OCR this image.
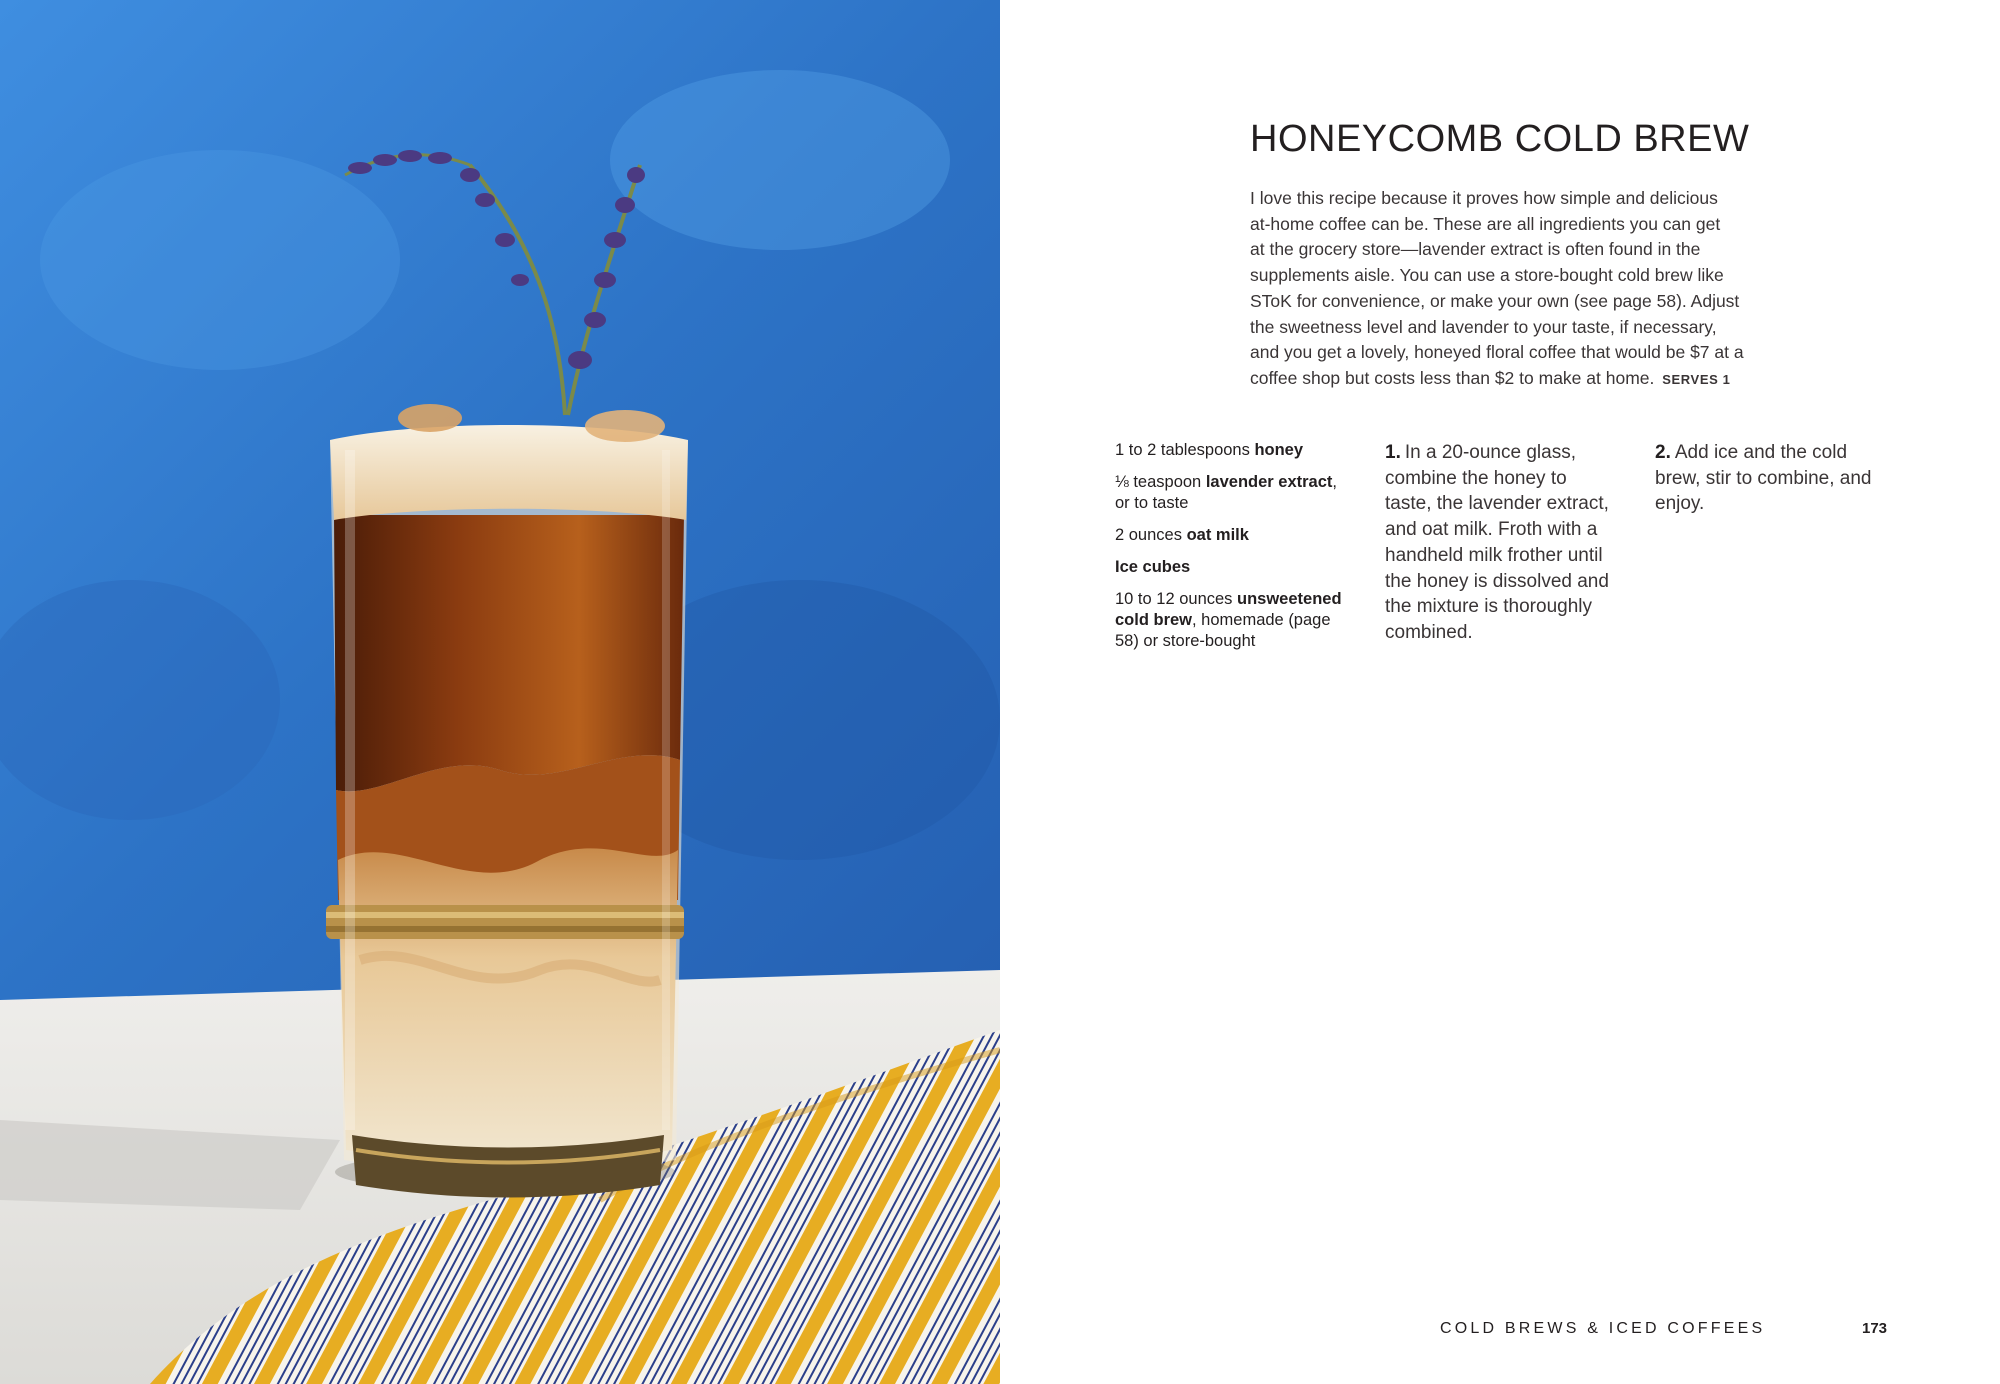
HONEYCOMB COLD BREW

I love this recipe because it proves how simple and delicious
at-home coffee can be. These are all ingredients you can get
at the grocery store—lavender extract is often found in the
supplements aisle. You can use a store-bought cold brew like
SToK for convenience, or make your own (see page 58). Adjust
the sweetness level and lavender to your taste, if necessary,
and you get a lovely, honeyed floral coffee that would be $7 at a
coffee shop but costs less than $2 to make at home. SERVES 1

1 to 2 tablespoons honey
⅛ teaspoon lavender extract, or to taste
2 ounces oat milk
Ice cubes
10 to 12 ounces unsweetened cold brew, homemade (page 58) or store-bought

1. In a 20-ounce glass, combine the honey to taste, the lavender extract, and oat milk. Froth with a handheld milk frother until the honey is dissolved and the mixture is thoroughly combined.

2. Add ice and the cold brew, stir to combine, and enjoy.

COLD BREWS & ICED COFFEES	173
